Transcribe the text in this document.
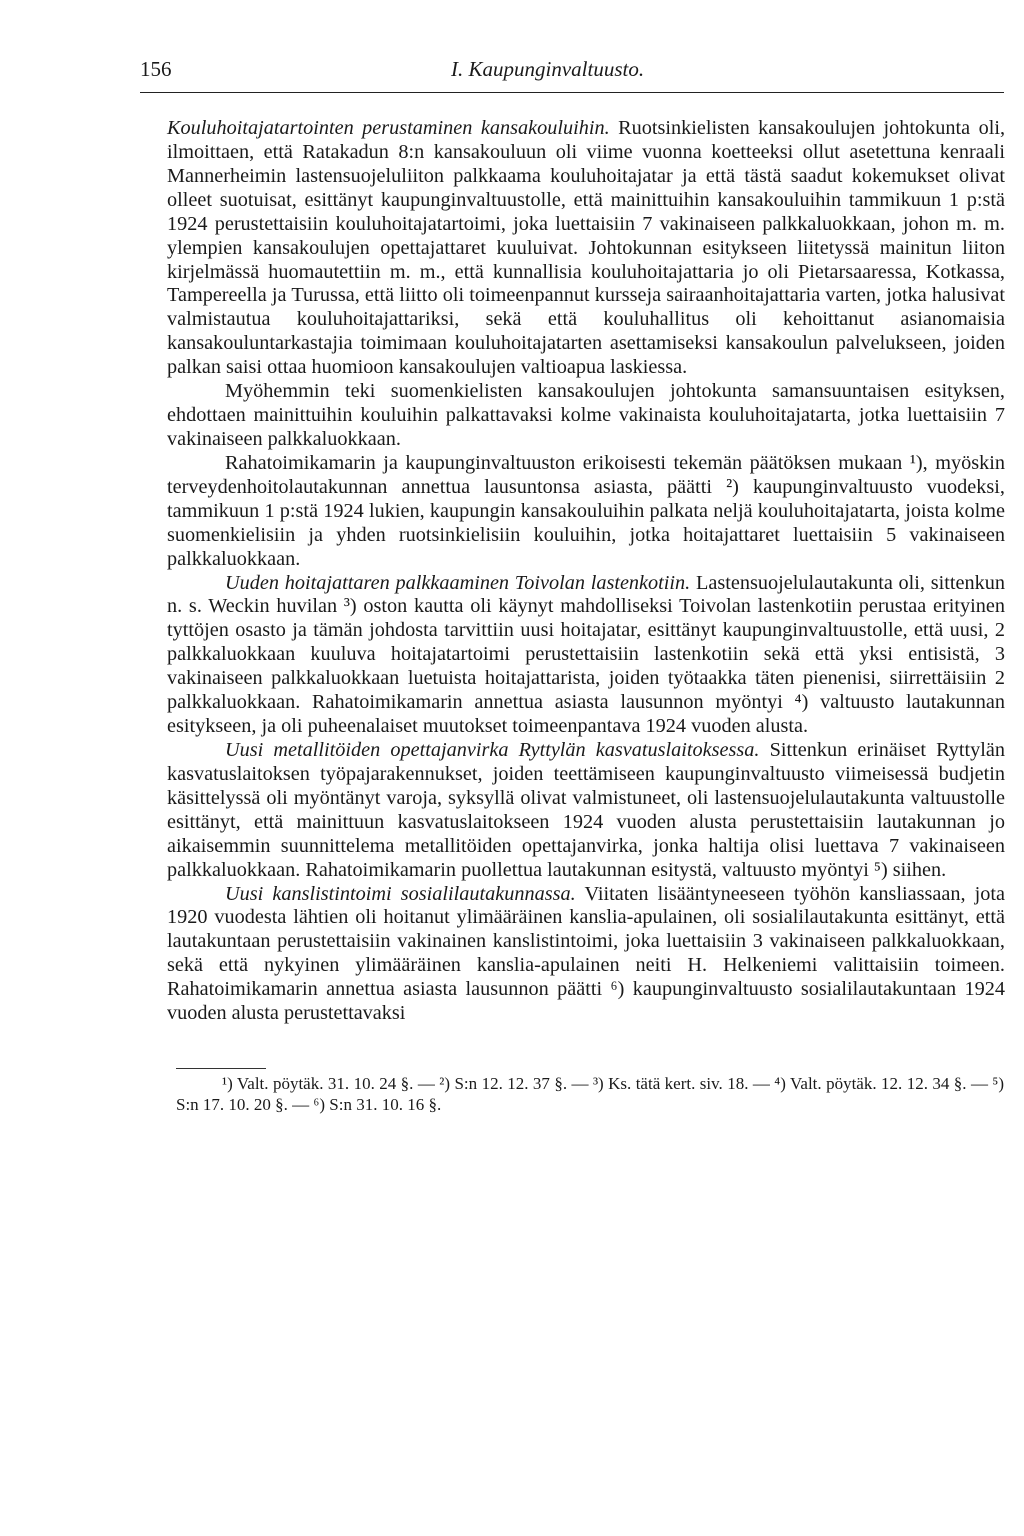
156	I. Kaupunginvaltuusto.

Kouluhoitajatartointen perustaminen kansakouluihin. Ruotsinkielisten kansakoulujen johtokunta oli, ilmoittaen, että Ratakadun 8:n kansakouluun oli viime vuonna koetteeksi ollut asetettuna kenraali Mannerheimin lastensuojeluliiton palkkaama kouluhoitajatar ja että tästä saadut kokemukset olivat olleet suotuisat, esittänyt kaupunginvaltuustolle, että mainittuihin kansakouluihin tammikuun 1 p:stä 1924 perustettaisiin kouluhoitajatartoimi, joka luettaisiin 7 vakinaiseen palkkaluokkaan, johon m. m. ylempien kansakoulujen opettajattaret kuuluivat. Johtokunnan esitykseen liitetyssä mainitun liiton kirjelmässä huomautettiin m. m., että kunnallisia kouluhoitajattaria jo oli Pietarsaaressa, Kotkassa, Tampereella ja Turussa, että liitto oli toimeenpannut kursseja sairaanhoitajattaria varten, jotka halusivat valmistautua kouluhoitajattariksi, sekä että kouluhallitus oli kehoittanut asianomaisia kansakouluntarkastajia toimimaan kouluhoitajatarten asettamiseksi kansakoulun palvelukseen, joiden palkan saisi ottaa huomioon kansakoulujen valtioapua laskiessa.

Myöhemmin teki suomenkielisten kansakoulujen johtokunta samansuuntaisen esityksen, ehdottaen mainittuihin kouluihin palkattavaksi kolme vakinaista kouluhoitajatarta, jotka luettaisiin 7 vakinaiseen palkkaluokkaan.

Rahatoimikamarin ja kaupunginvaltuuston erikoisesti tekemän päätöksen mukaan ¹), myöskin terveydenhoitolautakunnan annettua lausuntonsa asiasta, päätti ²) kaupunginvaltuusto vuodeksi, tammikuun 1 p:stä 1924 lukien, kaupungin kansakouluihin palkata neljä kouluhoitajatarta, joista kolme suomenkielisiin ja yhden ruotsinkielisiin kouluihin, jotka hoitajattaret luettaisiin 5 vakinaiseen palkkaluokkaan.

Uuden hoitajattaren palkkaaminen Toivolan lastenkotiin. Lastensuojelulautakunta oli, sittenkun n. s. Weckin huvilan ³) oston kautta oli käynyt mahdolliseksi Toivolan lastenkotiin perustaa erityinen tyttöjen osasto ja tämän johdosta tarvittiin uusi hoitajatar, esittänyt kaupunginvaltuustolle, että uusi, 2 palkkaluokkaan kuuluva hoitajatartoimi perustettaisiin lastenkotiin sekä että yksi entisistä, 3 vakinaiseen palkkaluokkaan luetuista hoitajattarista, joiden työtaakka täten pienenisi, siirrettäisiin 2 palkkaluokkaan. Rahatoimikamarin annettua asiasta lausunnon myöntyi ⁴) valtuusto lautakunnan esitykseen, ja oli puheenalaiset muutokset toimeenpantava 1924 vuoden alusta.

Uusi metallitöiden opettajanvirka Ryttylän kasvatuslaitoksessa. Sittenkun erinäiset Ryttylän kasvatuslaitoksen työpajarakennukset, joiden teettämiseen kaupunginvaltuusto viimeisessä budjetin käsittelyssä oli myöntänyt varoja, syksyllä olivat valmistuneet, oli lastensuojelulautakunta valtuustolle esittänyt, että mainittuun kasvatuslaitokseen 1924 vuoden alusta perustettaisiin lautakunnan jo aikaisemmin suunnittelema metallitöiden opettajanvirka, jonka haltija olisi luettava 7 vakinaiseen palkkaluokkaan. Rahatoimikamarin puollettua lautakunnan esitystä, valtuusto myöntyi ⁵) siihen.

Uusi kanslistintoimi sosialilautakunnassa. Viitaten lisääntyneeseen työhön kansliassaan, jota 1920 vuodesta lähtien oli hoitanut ylimääräinen kanslia-apulainen, oli sosialilautakunta esittänyt, että lautakuntaan perustettaisiin vakinainen kanslistintoimi, joka luettaisiin 3 vakinaiseen palkkaluokkaan, sekä että nykyinen ylimääräinen kanslia-apulainen neiti H. Helkeniemi valittaisiin toimeen. Rahatoimikamarin annettua asiasta lausunnon päätti ⁶) kaupunginvaltuusto sosialilautakuntaan 1924 vuoden alusta perustettavaksi

¹) Valt. pöytäk. 31. 10. 24 §. — ²) S:n 12. 12. 37 §. — ³) Ks. tätä kert. siv. 18. — ⁴) Valt. pöytäk. 12. 12. 34 §. — ⁵) S:n 17. 10. 20 §. — ⁶) S:n 31. 10. 16 §.
